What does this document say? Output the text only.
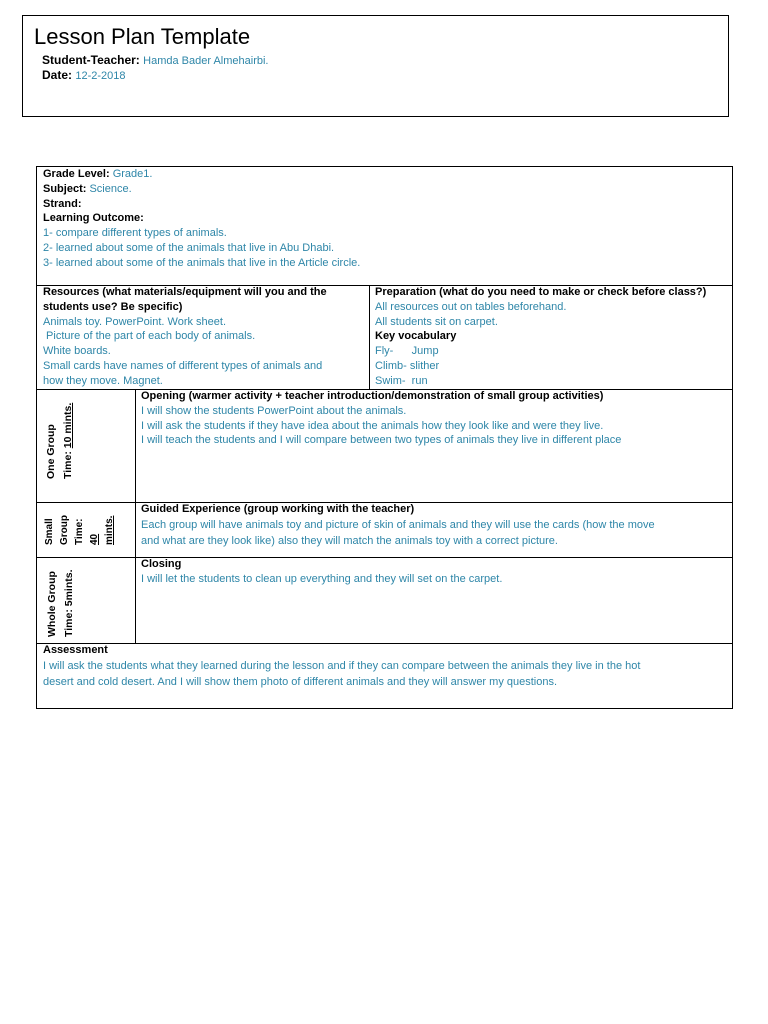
Lesson Plan Template
Student-Teacher: Hamda Bader Almehairbi.
Date: 12-2-2018
Grade Level: Grade1.
Subject: Science.
Strand:
Learning Outcome:
1- compare different types of animals.
2- learned about some of the animals that live in Abu Dhabi.
3- learned about some of the animals that live in the Article circle.
Resources (what materials/equipment will you and the
students use? Be specific)
Animals toy. PowerPoint. Work sheet.
Picture of the part of each body of animals.
White boards.
Small cards have names of different types of animals and
how they move. Magnet.
Preparation (what do you need to make or check before class?)
All resources out on tables beforehand.
All students sit on carpet.
Key vocabulary
Fly-      Jump
Climb- slither
Swim-  run
One Group Time: 10 mints.
Opening (warmer activity + teacher introduction/demonstration of small group activities)
I will show the students PowerPoint about the animals.
I will ask the students if they have idea about the animals how they look like and were they live.
I will teach the students and I will compare between two types of animals they live in different place
Small Group Time: 40 mints.
Guided Experience (group working with the teacher)
Each group will have animals toy and picture of skin of animals and they will use the cards (how the move
and what are they look like) also they will match the animals toy with a correct picture.
Whole Group Time: 5mints.
Closing
I will let the students to clean up everything and they will set on the carpet.
Assessment
I will ask the students what they learned during the lesson and if they can compare between the animals they live in the hot
desert and cold desert. And I will show them photo of different animals and they will answer my questions.
